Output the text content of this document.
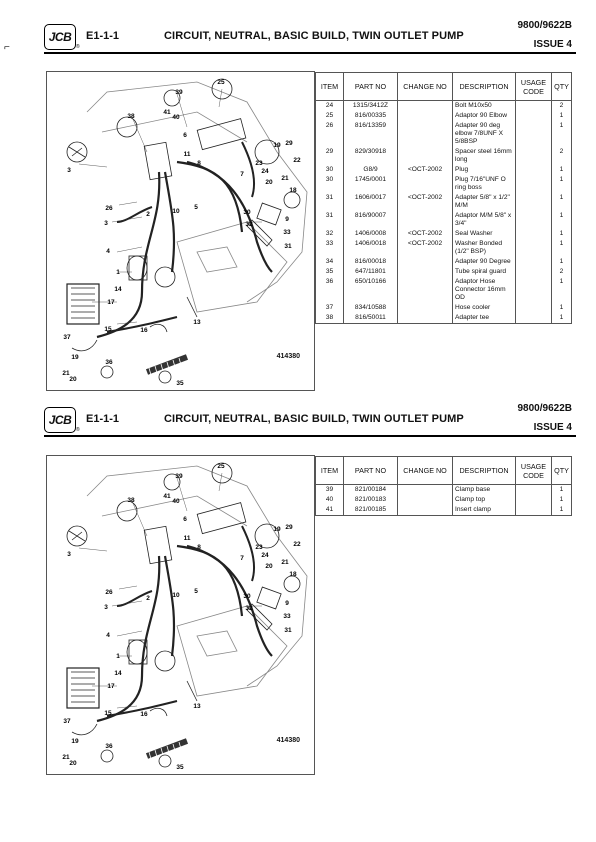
⌐
JCB
®
E1-1-1	CIRCUIT, NEUTRAL, BASIC BUILD, TWIN OUTLET PUMP
9800/9622B
ISSUE 4
25
39
41
40
38
6
11
8
19 29
23	22
7	24
20
21
3
26
2
18
10
5
30
32
9
33
31
3
4
1
14
17
16
13
37
15
19
36
21
20
35
414380
ITEM	PART NO	CHANGE NO	DESCRIPTION	USAGE CODE	QTY
24	1315/3412Z		Bolt M10x50		2
25	816/00335		Adaptor 90 Elbow		1
26	816/13359		Adapter 90 deg elbow 7/8UNF X 5/8BSP		1
29	829/30918		Spacer steel 16mm long		2
30	G8/9	<OCT-2002	Plug		1
30	1745/0001		Plug 7/16"UNF O ring boss		1
31	1606/0017	<OCT-2002	Adapter 5/8" x 1/2" M/M		1
31	816/90007		Adaptor M/M 5/8" x 3/4"		1
32	1406/0008	<OCT-2002	Seal Washer		1
33	1406/0018	<OCT-2002	Washer Bonded (1/2" BSP)		1
34	816/00018		Adapter 90 Degree		1
35	647/11801		Tube spiral guard		2
36	650/10166		Adaptor Hose Connector 16mm OD		1
37	834/10588		Hose cooler		1
38	816/50011		Adapter tee		1
JCB
®
E1-1-1	CIRCUIT, NEUTRAL, BASIC BUILD, TWIN OUTLET PUMP
9800/9622B
ISSUE 4
25
39
41
40
38
6
11
8
19 29
23	22
7	24
20
21
3
26
2
18
10
5
30
32
9
33
31
3
4
1
14
17
16
13
37
15
19
36
21
20
35
414380
ITEM	PART NO	CHANGE NO	DESCRIPTION	USAGE CODE	QTY
39	821/00184		Clamp base		1
40	821/00183		Clamp top		1
41	821/00185		Insert clamp		1
